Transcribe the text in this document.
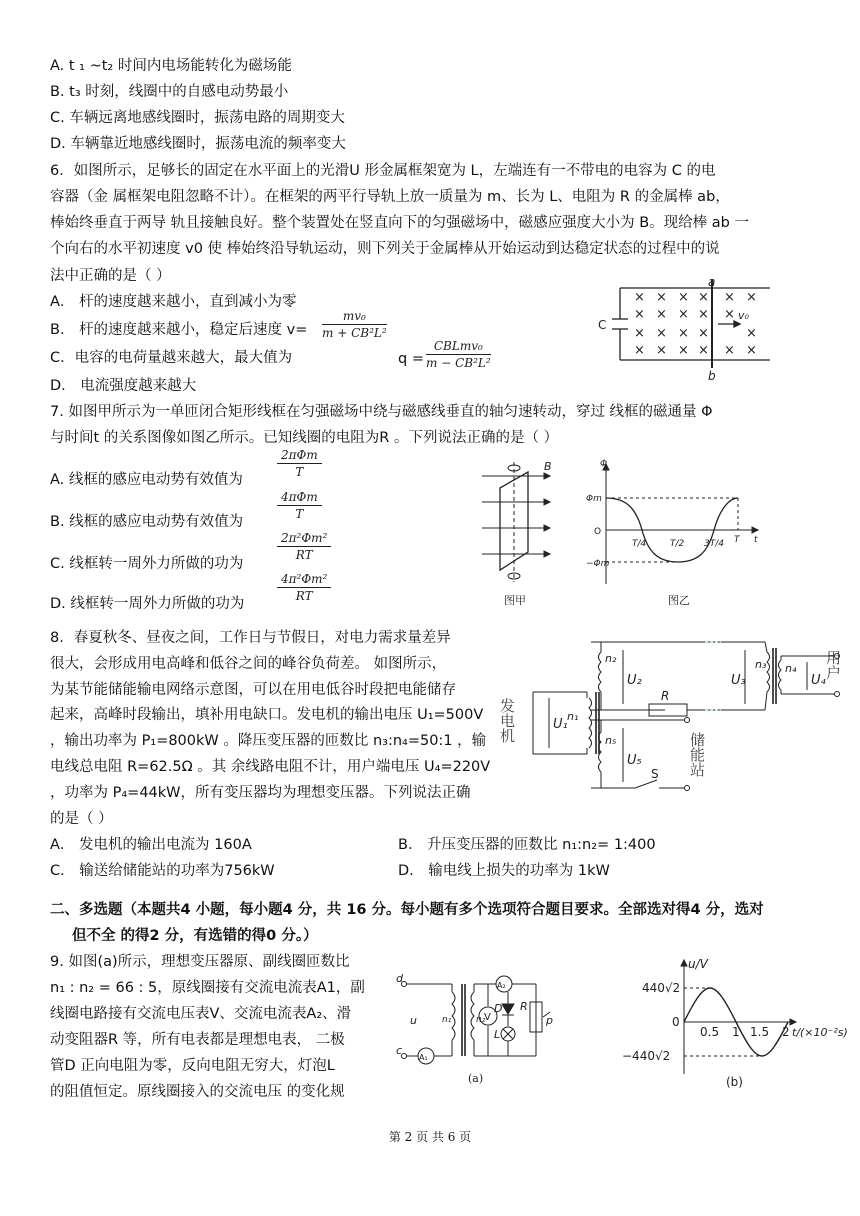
A. t ₁ ~t₂ 时间内电场能转化为磁场能
B. t₃ 时刻，线圈中的自感电动势最小
C. 车辆远离地感线圈时，振荡电路的周期变大
D. 车辆靠近地感线圈时，振荡电流的频率变大
6．如图所示，足够长的固定在水平面上的光滑U 形金属框架宽为 L，左端连有一不带电的电容为 C 的电
容器（金 属框架电阻忽略不计）。在框架的两平行导轨上放一质量为 m、长为 L、电阻为 R 的金属棒 ab，
棒始终垂直于两导 轨且接触良好。整个装置处在竖直向下的匀强磁场中，磁感应强度大小为 B。现给棒 ab 一
个向右的水平初速度 v0 使 棒始终沿导轨运动，则下列关于金属棒从开始运动到达稳定状态的过程中的说
法中正确的是（ ）
A． 杆的速度越来越小，直到减小为零
B． 杆的速度越来越小，稳定后速度 $v= \frac{\text{mv₀}}{\text{m + CB²L²}}$
C．电容的电荷量越来越大，最大值为	q =
CBLmv₀
m − CB²L²
D． 电流强度越来越大
7. 如图甲所示为一单匝闭合矩形线框在匀强磁场中绕与磁感线垂直的轴匀速转动，穿过 线框的磁通量 Φ
与时间t 的关系图像如图乙所示。已知线圈的电阻为R 。下列说法正确的是（ ）
A. 线框的感应电动势有效值为
2πΦm
T
B. 线框的感应电动势有效值为
4πΦm
T
C. 线框转一周外力所做的功为
$\frac{\text{2π²Φm²}}{RT}$
D. 线框转一周外力所做的功为
$\frac{\text{4π²Φm²}}{RT}$
8．春夏秋冬、昼夜之间，工作日与节假日，对电力需求量差异
很大，会形成用电高峰和低谷之间的峰谷负荷差。 如图所示，
为某节能储能输电网络示意图，可以在用电低谷时段把电能储存
起来，高峰时段输出，填补用电缺口。发电机的输出电压 U₁=500V
，输出功率为 P₁=800kW 。降压变压器的匝数比 n₃:n₄=50:1 ，输
电线总电阻 R=62.5Ω 。其 余线路电阻不计，用户端电压 U₄=220V
，功率为 P₄=44kW，所有变压器均为理想变压器。下列说法正确
的是（ ）
A． 发电机的输出电流为 160A	B． 升压变压器的匝数比 n₁:n₂= 1:400
C． 输送给储能站的功率为756kW	D． 输电线上损失的功率为 1kW
二、多选题（本题共4 小题，每小题4 分，共 16 分。每小题有多个选项符合题目要求。全部选对得4 分，选对
但不全 的得2 分，有选错的得0 分。）
9. 如图(a)所示，理想变压器原、副线圈匝数比
n₁ : n₂ = 66 : 5，原线圈接有交流电流表A1，副
线圈电路接有交流电压表V、交流电流表A₂、滑
动变阻器R 等，所有电表都是理想电表， 二极
管D 正向电阻为零，反向电阻无穷大，灯泡L
的阻值恒定。原线圈接入的交流电压 的变化规
C
a
b
v₀
× × × × × ×
× × × × ×
× × × ×	×
× × × × × ×
B
图甲
Φ
Φm
−Φm
O
T/4	T/2 3T/4 T t
图乙
U₁
n₁
n₂
U₂
R
n₃
U₃
n₄
U₄
n₅
U₅
S
发电机
储能站
用户
d
c
u
A₁
A₂
V
D
L
R
p
n₁	n₂
(a)
u/V
440√2
−440√2
0
0.5 1 1.5 2 t/(×10⁻²s)
(b)
第 2 页 共 6 页
